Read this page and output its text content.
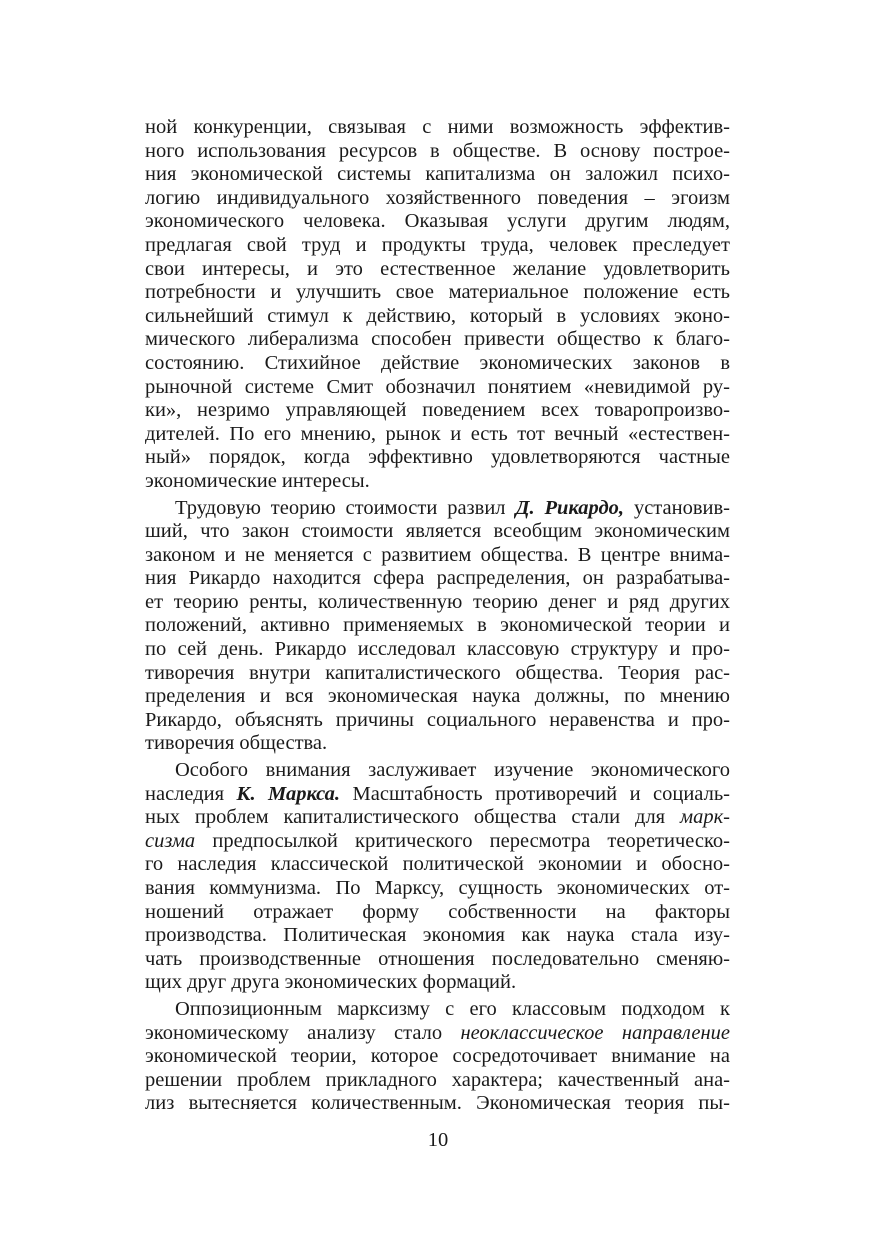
ной конкуренции, связывая с ними возможность эффектив-
ного использования ресурсов в обществе. В основу построе-
ния экономической системы капитализма он заложил психо-
логию индивидуального хозяйственного поведения – эгоизм
экономического человека. Оказывая услуги другим людям,
предлагая свой труд и продукты труда, человек преследует
свои интересы, и это естественное желание удовлетворить
потребности и улучшить свое материальное положение есть
сильнейший стимул к действию, который в условиях эконо-
мического либерализма способен привести общество к благо-
состоянию. Стихийное действие экономических законов в
рыночной системе Смит обозначил понятием «невидимой ру-
ки», незримо управляющей поведением всех товаропроизво-
дителей. По его мнению, рынок и есть тот вечный «естествен-
ный» порядок, когда эффективно удовлетворяются частные
экономические интересы.
Трудовую теорию стоимости развил Д. Рикардо, установив-
ший, что закон стоимости является всеобщим экономическим
законом и не меняется с развитием общества. В центре внима-
ния Рикардо находится сфера распределения, он разрабатыва-
ет теорию ренты, количественную теорию денег и ряд других
положений, активно применяемых в экономической теории и
по сей день. Рикардо исследовал классовую структуру и про-
тиворечия внутри капиталистического общества. Теория рас-
пределения и вся экономическая наука должны, по мнению
Рикардо, объяснять причины социального неравенства и про-
тиворечия общества.
Особого внимания заслуживает изучение экономического
наследия К. Маркса. Масштабность противоречий и социаль-
ных проблем капиталистического общества стали для марк-
сизма предпосылкой критического пересмотра теоретическо-
го наследия классической политической экономии и обосно-
вания коммунизма. По Марксу, сущность экономических от-
ношений отражает форму собственности на факторы
производства. Политическая экономия как наука стала изу-
чать производственные отношения последовательно сменяю-
щих друг друга экономических формаций.
Оппозиционным марксизму с его классовым подходом к
экономическому анализу стало неоклассическое направление
экономической теории, которое сосредоточивает внимание на
решении проблем прикладного характера; качественный ана-
лиз вытесняется количественным. Экономическая теория пы-
10
